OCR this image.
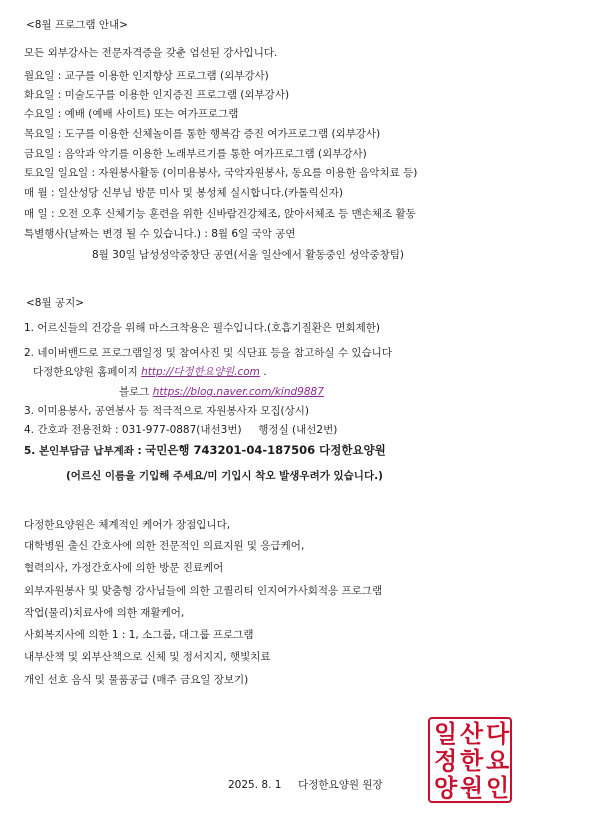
<8월 프로그램 안내>
모든 외부강사는 전문자격증을 갖춘 엄선된 강사입니다.
월요일 : 교구를 이용한 인지향상 프로그램 (외부강사)
화요일 : 미술도구를 이용한 인지증진 프로그램 (외부강사)
수요일 : 예배 (예배 사이트) 또는 여가프로그램
목요일 : 도구를 이용한 신체놀이를 통한 행복감 증진 여가프로그램 (외부강사)
금요일 : 음악과 악기를 이용한 노래부르기를 통한 여가프로그램 (외부강사)
토요일 일요일 : 자원봉사활동 (이미용봉사, 국악자원봉사, 동요를 이용한 음악치료 등)
매 월 : 일산성당 신부님 방문 미사 및 봉성체 실시합니다.(카톨릭신자)
매 일 : 오전 오후 신체기능 훈련을 위한 신바람건강체조, 앉아서체조 등 맨손체조 활동
특별행사(날짜는 변경 될 수 있습니다.) : 8월 6일 국악 공연
8월 30일 남성성악중창단 공연(서울 일산에서 활동중인 성악중창팀)
<8월 공지>
1. 어르신들의 건강을 위해 마스크착용은 필수입니다.(호흡기질환은 면회제한)
2. 네이버밴드로 프로그램일정 및 참여사진 및 식단표 등을 참고하실 수 있습니다
다정한요양원 홈페이지 http://다정한요양원.com .
블로그 https://blog.naver.com/kind9887
3. 이미용봉사, 공연봉사 등 적극적으로 자원봉사자 모집(상시)
4. 간호과 전용전화 : 031-977-0887(내선3번) 행정실 (내선2번)
5. 본인부담금 납부계좌 : 국민은행 743201-04-187506 다정한요양원
(어르신 이름을 기입해 주세요/미 기입시 착오 발생우려가 있습니다.)
다정한요양원은 체계적인 케어가 장점입니다,
대학병원 출신 간호사에 의한 전문적인 의료지원 및 응급케어,
협력의사, 가정간호사에 의한 방문 진료케어
외부자원봉사 및 맞춤형 강사님들에 의한 고퀄리티 인지여가사회적응 프로그램
작업(물리)치료사에 의한 재활케어,
사회복지사에 의한 1 : 1, 소그룹, 대그룹 프로그램
내부산책 및 외부산책으로 신체 및 정서지지, 햇빛치료
개인 선호 음식 및 물품공급 (매주 금요일 장보기)
2025. 8. 1 다정한요양원 원장
일 산 다
정 한 요
양 원 인
